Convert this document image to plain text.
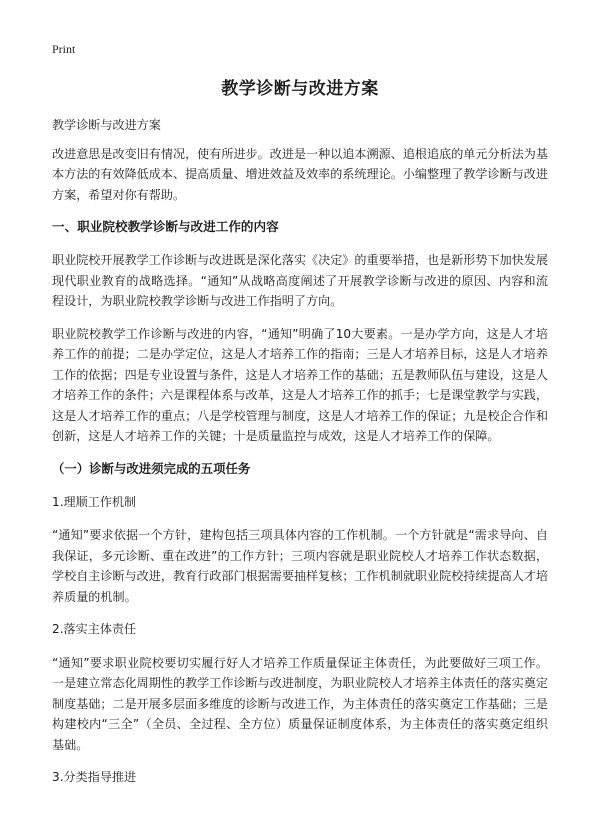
Print
教学诊断与改进方案

教学诊断与改进方案

改进意思是改变旧有情况，使有所进步。改进是一种以追本溯源、追根追底的单元分析法为基本方法的有效降低成本、提高质量、增进效益及效率的系统理论。小编整理了教学诊断与改进方案，希望对你有帮助。

一、职业院校教学诊断与改进工作的内容

职业院校开展教学工作诊断与改进既是深化落实《决定》的重要举措，也是新形势下加快发展现代职业教育的战略选择。“通知”从战略高度阐述了开展教学诊断与改进的原因、内容和流程设计，为职业院校教学诊断与改进工作指明了方向。

职业院校教学工作诊断与改进的内容，“通知”明确了10大要素。一是办学方向，这是人才培养工作的前提；二是办学定位，这是人才培养工作的指南；三是人才培养目标，这是人才培养工作的依据；四是专业设置与条件，这是人才培养工作的基础；五是教师队伍与建设，这是人才培养工作的条件；六是课程体系与改革，这是人才培养工作的抓手；七是课堂教学与实践，这是人才培养工作的重点；八是学校管理与制度，这是人才培养工作的保证；九是校企合作和创新，这是人才培养工作的关键；十是质量监控与成效，这是人才培养工作的保障。

（一）诊断与改进须完成的五项任务

1.理顺工作机制

“通知”要求依据一个方针，建构包括三项具体内容的工作机制。一个方针就是“需求导向、自我保证，多元诊断、重在改进”的工作方针；三项内容就是职业院校人才培养工作状态数据，学校自主诊断与改进，教育行政部门根据需要抽样复核；工作机制就职业院校持续提高人才培养质量的机制。

2.落实主体责任

“通知”要求职业院校要切实履行好人才培养工作质量保证主体责任，为此要做好三项工作。一是建立常态化周期性的教学工作诊断与改进制度，为职业院校人才培养主体责任的落实奠定制度基础；二是开展多层面多维度的诊断与改进工作，为主体责任的落实奠定工作基础；三是构建校内“三全”（全员、全过程、全方位）质量保证制度体系，为主体责任的落实奠定组织基础。

3.分类指导推进
